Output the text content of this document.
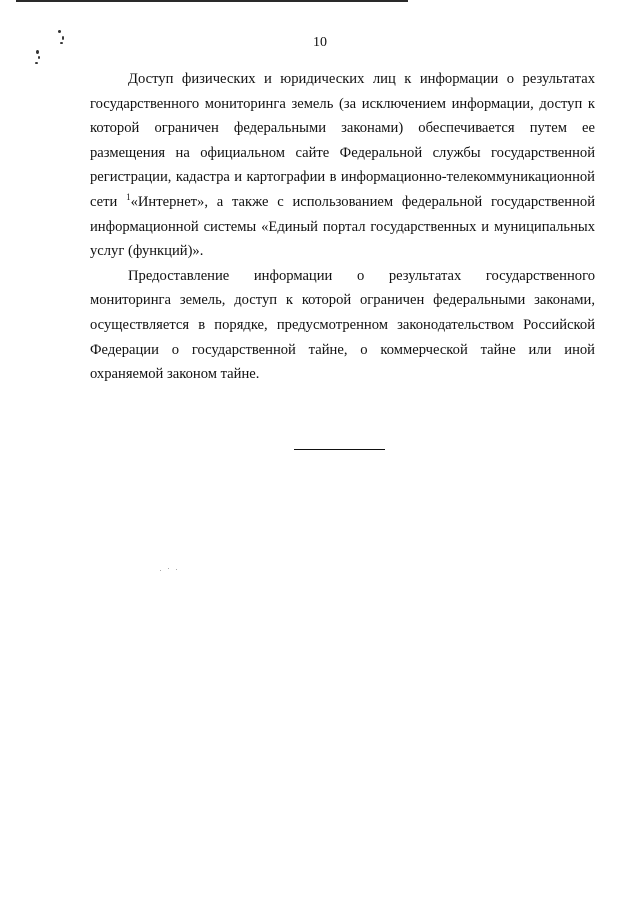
10

Доступ физических и юридических лиц к информации о результатах государственного мониторинга земель (за исключением информации, доступ к которой ограничен федеральными законами) обеспечивается путем ее размещения на официальном сайте Федеральной службы государственной регистрации, кадастра и картографии в информационно-телекоммуникационной сети $^1$«Интернет», а также с использованием федеральной государственной информационной системы «Единый портал государственных и муниципальных услуг (функций)».

Предоставление информации о результатах государственного мониторинга земель, доступ к которой ограничен федеральными законами, осуществляется в порядке, предусмотренном законодательством Российской Федерации о государственной тайне, о коммерческой тайне или иной охраняемой законом тайне.
